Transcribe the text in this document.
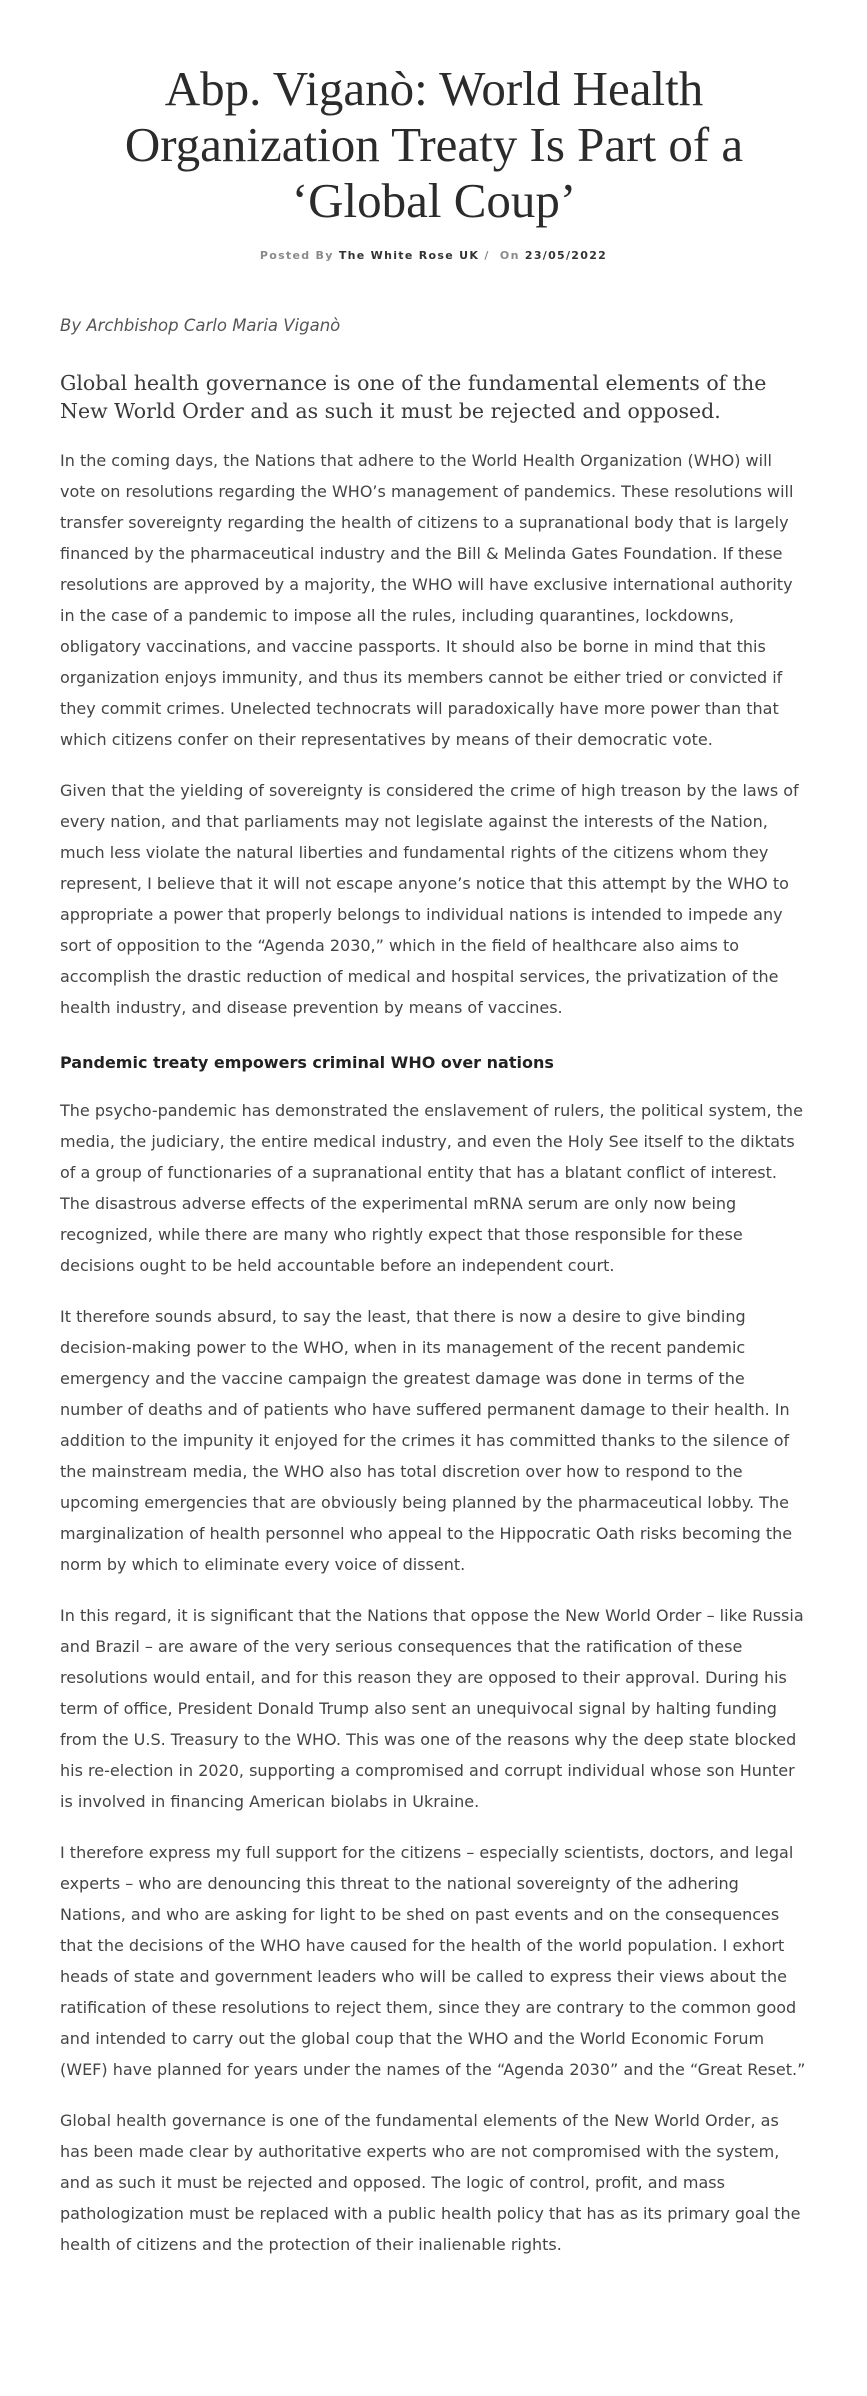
Abp. Viganò: World Health Organization Treaty Is Part of a ‘Global Coup’
Posted By The White Rose UK / On 23/05/2022
By Archbishop Carlo Maria Viganò
Global health governance is one of the fundamental elements of the New World Order and as such it must be rejected and opposed.

In the coming days, the Nations that adhere to the World Health Organization (WHO) will vote on resolutions regarding the WHO’s management of pandemics. These resolutions will transfer sovereignty regarding the health of citizens to a supranational body that is largely financed by the pharmaceutical industry and the Bill & Melinda Gates Foundation. If these resolutions are approved by a majority, the WHO will have exclusive international authority in the case of a pandemic to impose all the rules, including quarantines, lockdowns, obligatory vaccinations, and vaccine passports. It should also be borne in mind that this organization enjoys immunity, and thus its members cannot be either tried or convicted if they commit crimes. Unelected technocrats will paradoxically have more power than that which citizens confer on their representatives by means of their democratic vote.

Given that the yielding of sovereignty is considered the crime of high treason by the laws of every nation, and that parliaments may not legislate against the interests of the Nation, much less violate the natural liberties and fundamental rights of the citizens whom they represent, I believe that it will not escape anyone’s notice that this attempt by the WHO to appropriate a power that properly belongs to individual nations is intended to impede any sort of opposition to the “Agenda 2030,” which in the field of healthcare also aims to accomplish the drastic reduction of medical and hospital services, the privatization of the health industry, and disease prevention by means of vaccines.

Pandemic treaty empowers criminal WHO over nations

The psycho-pandemic has demonstrated the enslavement of rulers, the political system, the media, the judiciary, the entire medical industry, and even the Holy See itself to the diktats of a group of functionaries of a supranational entity that has a blatant conflict of interest. The disastrous adverse effects of the experimental mRNA serum are only now being recognized, while there are many who rightly expect that those responsible for these decisions ought to be held accountable before an independent court.

It therefore sounds absurd, to say the least, that there is now a desire to give binding decision-making power to the WHO, when in its management of the recent pandemic emergency and the vaccine campaign the greatest damage was done in terms of the number of deaths and of patients who have suffered permanent damage to their health. In addition to the impunity it enjoyed for the crimes it has committed thanks to the silence of the mainstream media, the WHO also has total discretion over how to respond to the upcoming emergencies that are obviously being planned by the pharmaceutical lobby. The marginalization of health personnel who appeal to the Hippocratic Oath risks becoming the norm by which to eliminate every voice of dissent.

In this regard, it is significant that the Nations that oppose the New World Order – like Russia and Brazil – are aware of the very serious consequences that the ratification of these resolutions would entail, and for this reason they are opposed to their approval. During his term of office, President Donald Trump also sent an unequivocal signal by halting funding from the U.S. Treasury to the WHO. This was one of the reasons why the deep state blocked his re-election in 2020, supporting a compromised and corrupt individual whose son Hunter is involved in financing American biolabs in Ukraine.

I therefore express my full support for the citizens – especially scientists, doctors, and legal experts – who are denouncing this threat to the national sovereignty of the adhering Nations, and who are asking for light to be shed on past events and on the consequences that the decisions of the WHO have caused for the health of the world population. I exhort heads of state and government leaders who will be called to express their views about the ratification of these resolutions to reject them, since they are contrary to the common good and intended to carry out the global coup that the WHO and the World Economic Forum (WEF) have planned for years under the names of the “Agenda 2030” and the “Great Reset.”

Global health governance is one of the fundamental elements of the New World Order, as has been made clear by authoritative experts who are not compromised with the system, and as such it must be rejected and opposed. The logic of control, profit, and mass pathologization must be replaced with a public health policy that has as its primary goal the health of citizens and the protection of their inalienable rights.
